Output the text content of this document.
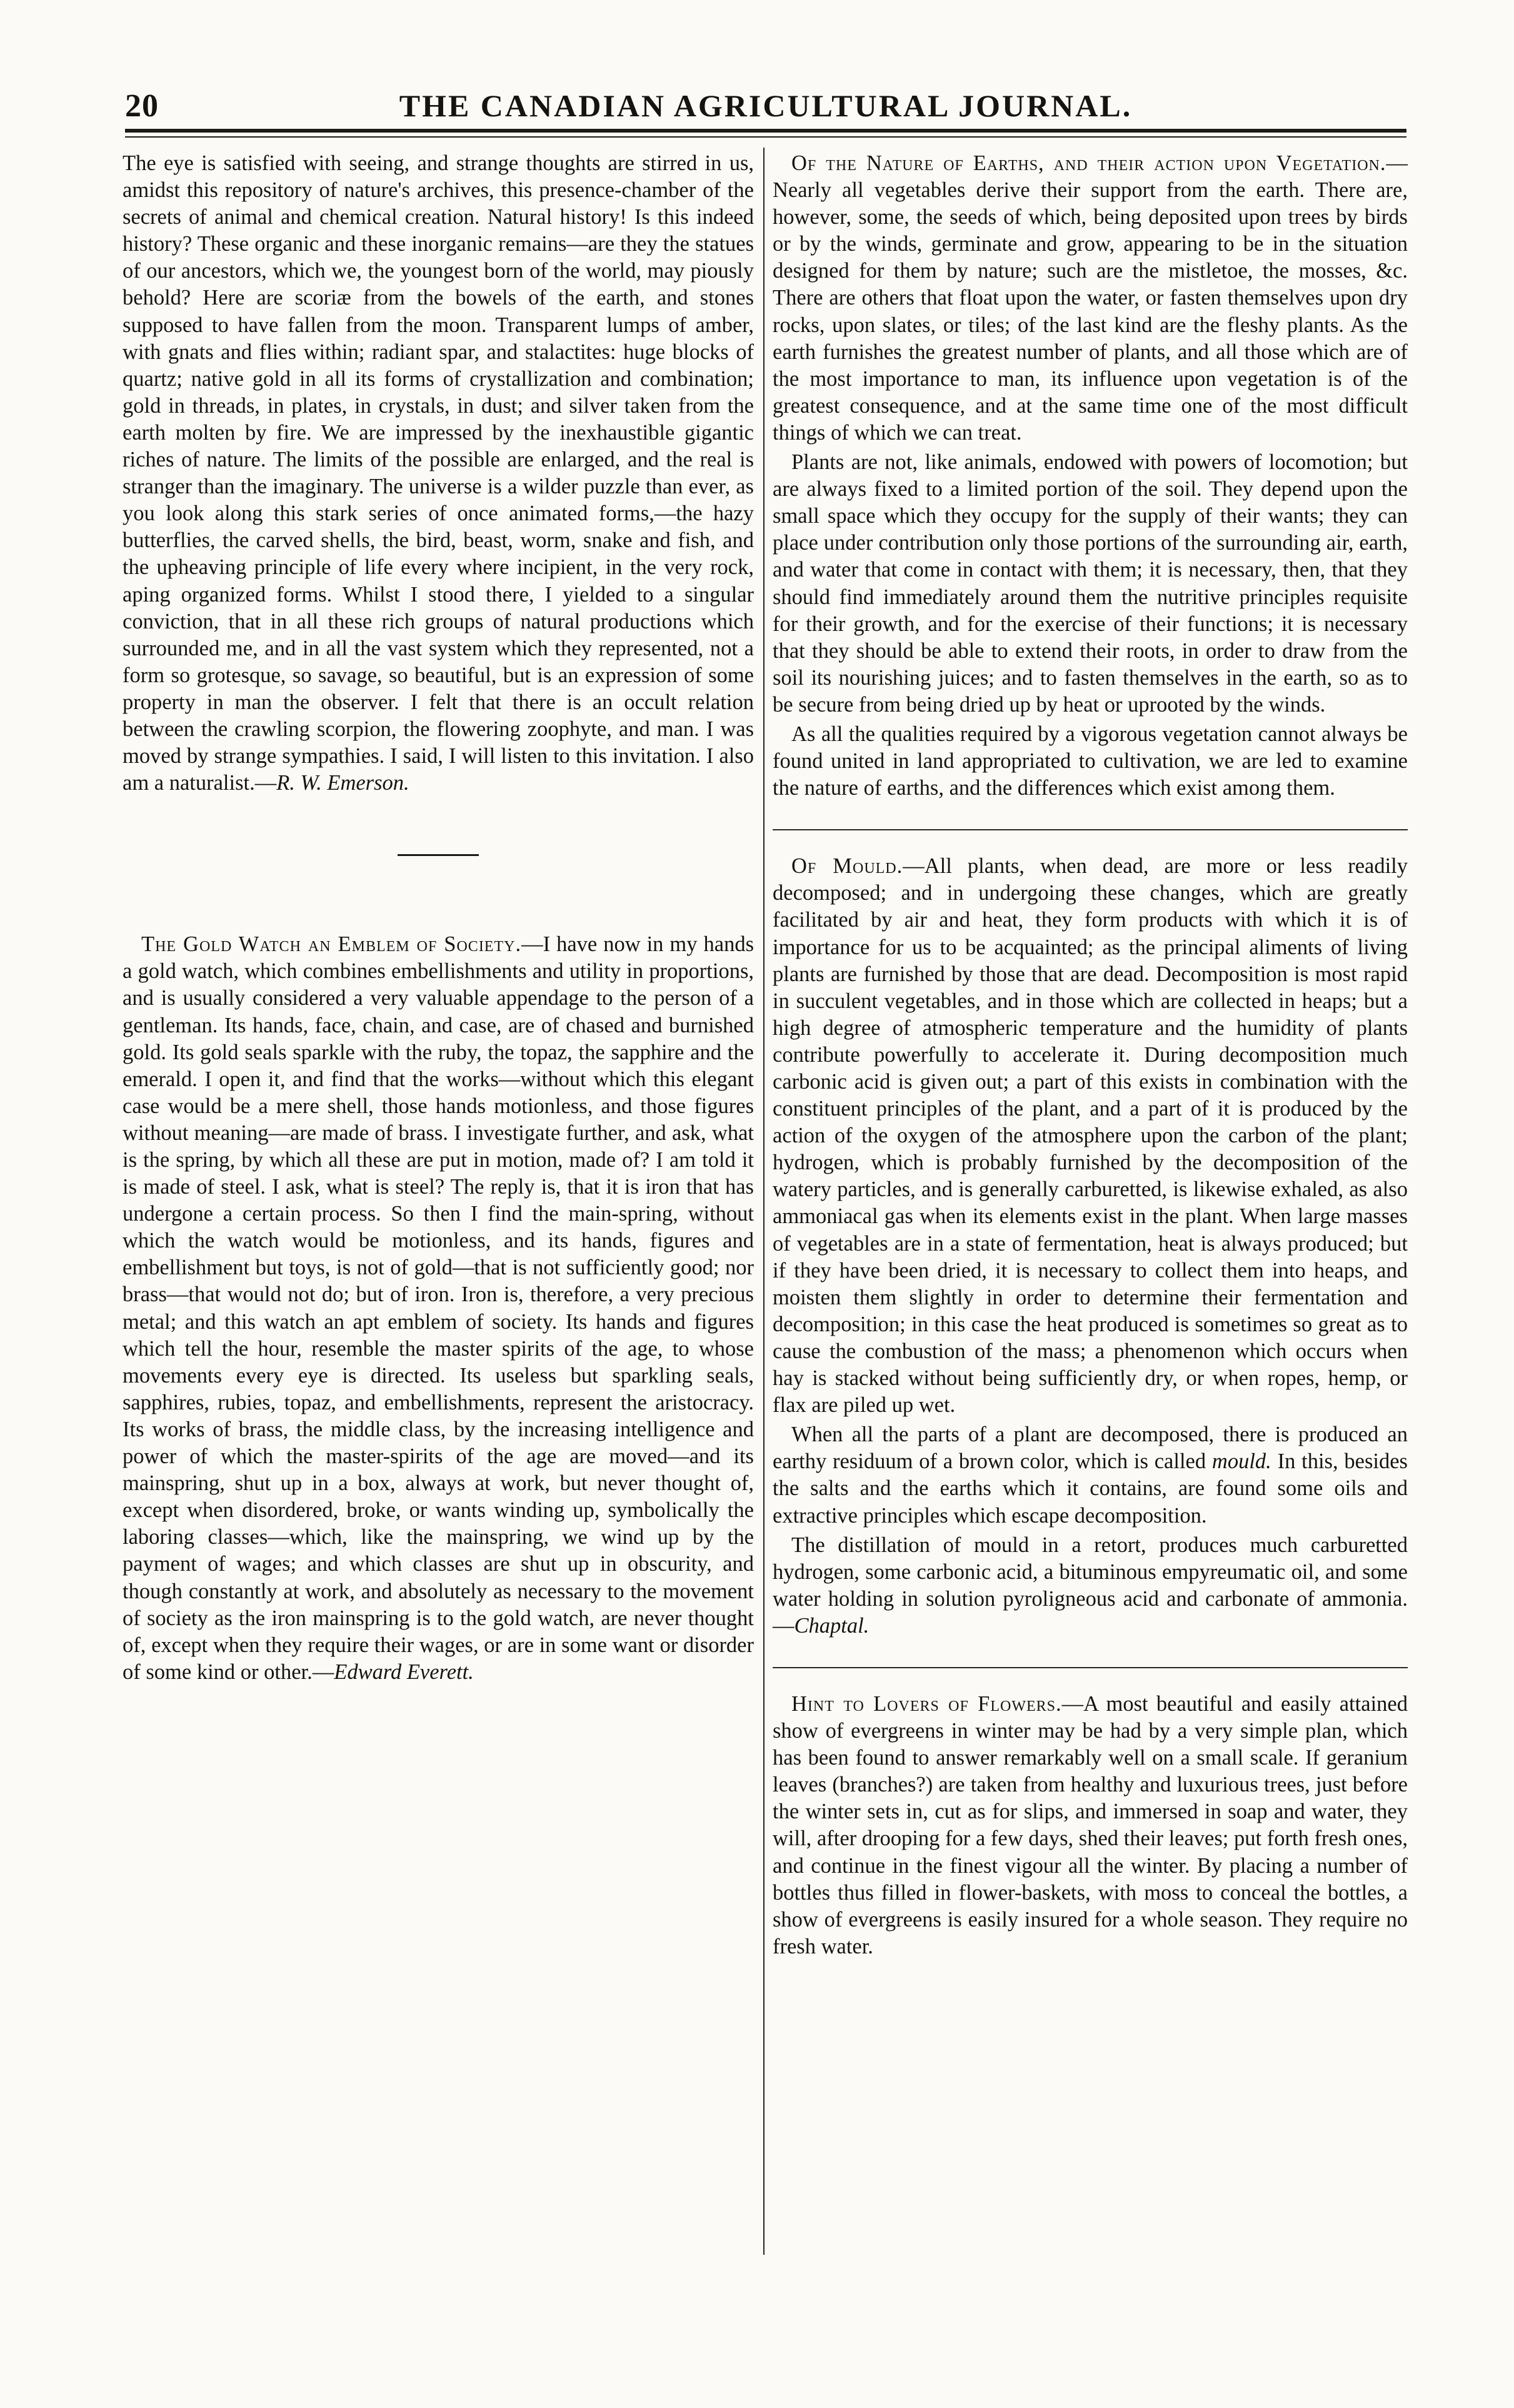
20	THE CANADIAN AGRICULTURAL JOURNAL.

The eye is satisfied with seeing, and strange thoughts are stirred in us, amidst this repository of nature's archives, this presence-chamber of the secrets of animal and chemical creation. Natural history! Is this indeed history? These organic and these inorganic remains—are they the statues of our ancestors, which we, the youngest born of the world, may piously behold? Here are scoriæ from the bowels of the earth, and stones supposed to have fallen from the moon. Transparent lumps of amber, with gnats and flies within; radiant spar, and stalactites: huge blocks of quartz; native gold in all its forms of crystallization and combination; gold in threads, in plates, in crystals, in dust; and silver taken from the earth molten by fire. We are impressed by the inexhaustible gigantic riches of nature. The limits of the possible are enlarged, and the real is stranger than the imaginary. The universe is a wilder puzzle than ever, as you look along this stark series of once animated forms,—the hazy butterflies, the carved shells, the bird, beast, worm, snake and fish, and the upheaving principle of life every where incipient, in the very rock, aping organized forms. Whilst I stood there, I yielded to a singular conviction, that in all these rich groups of natural productions which surrounded me, and in all the vast system which they represented, not a form so grotesque, so savage, so beautiful, but is an expression of some property in man the observer. I felt that there is an occult relation between the crawling scorpion, the flowering zoophyte, and man. I was moved by strange sympathies. I said, I will listen to this invitation. I also am a naturalist.—R. W. Emerson.

The Gold Watch an Emblem of Society.—I have now in my hands a gold watch, which combines embellishments and utility in proportions, and is usually considered a very valuable appendage to the person of a gentleman. Its hands, face, chain, and case, are of chased and burnished gold. Its gold seals sparkle with the ruby, the topaz, the sapphire and the emerald. I open it, and find that the works—without which this elegant case would be a mere shell, those hands motionless, and those figures without meaning—are made of brass. I investigate further, and ask, what is the spring, by which all these are put in motion, made of? I am told it is made of steel. I ask, what is steel? The reply is, that it is iron that has undergone a certain process. So then I find the main-spring, without which the watch would be motionless, and its hands, figures and embellishment but toys, is not of gold—that is not sufficiently good; nor brass—that would not do; but of iron. Iron is, therefore, a very precious metal; and this watch an apt emblem of society. Its hands and figures which tell the hour, resemble the master spirits of the age, to whose movements every eye is directed. Its useless but sparkling seals, sapphires, rubies, topaz, and embellishments, represent the aristocracy. Its works of brass, the middle class, by the increasing intelligence and power of which the master-spirits of the age are moved—and its mainspring, shut up in a box, always at work, but never thought of, except when disordered, broke, or wants winding up, symbolically the laboring classes—which, like the mainspring, we wind up by the payment of wages; and which classes are shut up in obscurity, and though constantly at work, and absolutely as necessary to the movement of society as the iron mainspring is to the gold watch, are never thought of, except when they require their wages, or are in some want or disorder of some kind or other.—Edward Everett.

Of the Nature of Earths, and their action upon Vegetation.—Nearly all vegetables derive their support from the earth. There are, however, some, the seeds of which, being deposited upon trees by birds or by the winds, germinate and grow, appearing to be in the situation designed for them by nature; such are the mistletoe, the mosses, &c. There are others that float upon the water, or fasten themselves upon dry rocks, upon slates, or tiles; of the last kind are the fleshy plants. As the earth furnishes the greatest number of plants, and all those which are of the most importance to man, its influence upon vegetation is of the greatest consequence, and at the same time one of the most difficult things of which we can treat.

Plants are not, like animals, endowed with powers of locomotion; but are always fixed to a limited portion of the soil. They depend upon the small space which they occupy for the supply of their wants; they can place under contribution only those portions of the surrounding air, earth, and water that come in contact with them; it is necessary, then, that they should find immediately around them the nutritive principles requisite for their growth, and for the exercise of their functions; it is necessary that they should be able to extend their roots, in order to draw from the soil its nourishing juices; and to fasten themselves in the earth, so as to be secure from being dried up by heat or uprooted by the winds.

As all the qualities required by a vigorous vegetation cannot always be found united in land appropriated to cultivation, we are led to examine the nature of earths, and the differences which exist among them.

Of Mould.—All plants, when dead, are more or less readily decomposed; and in undergoing these changes, which are greatly facilitated by air and heat, they form products with which it is of importance for us to be acquainted; as the principal aliments of living plants are furnished by those that are dead. Decomposition is most rapid in succulent vegetables, and in those which are collected in heaps; but a high degree of atmospheric temperature and the humidity of plants contribute powerfully to accelerate it. During decomposition much carbonic acid is given out; a part of this exists in combination with the constituent principles of the plant, and a part of it is produced by the action of the oxygen of the atmosphere upon the carbon of the plant; hydrogen, which is probably furnished by the decomposition of the watery particles, and is generally carburetted, is likewise exhaled, as also ammoniacal gas when its elements exist in the plant. When large masses of vegetables are in a state of fermentation, heat is always produced; but if they have been dried, it is necessary to collect them into heaps, and moisten them slightly in order to determine their fermentation and decomposition; in this case the heat produced is sometimes so great as to cause the combustion of the mass; a phenomenon which occurs when hay is stacked without being sufficiently dry, or when ropes, hemp, or flax are piled up wet.

When all the parts of a plant are decomposed, there is produced an earthy residuum of a brown color, which is called mould. In this, besides the salts and the earths which it contains, are found some oils and extractive principles which escape decomposition.

The distillation of mould in a retort, produces much carburetted hydrogen, some carbonic acid, a bituminous empyreumatic oil, and some water holding in solution pyroligneous acid and carbonate of ammonia.—Chaptal.

Hint to Lovers of Flowers.—A most beautiful and easily attained show of evergreens in winter may be had by a very simple plan, which has been found to answer remarkably well on a small scale. If geranium leaves (branches?) are taken from healthy and luxurious trees, just before the winter sets in, cut as for slips, and immersed in soap and water, they will, after drooping for a few days, shed their leaves; put forth fresh ones, and continue in the finest vigour all the winter. By placing a number of bottles thus filled in flower-baskets, with moss to conceal the bottles, a show of evergreens is easily insured for a whole season. They require no fresh water.
